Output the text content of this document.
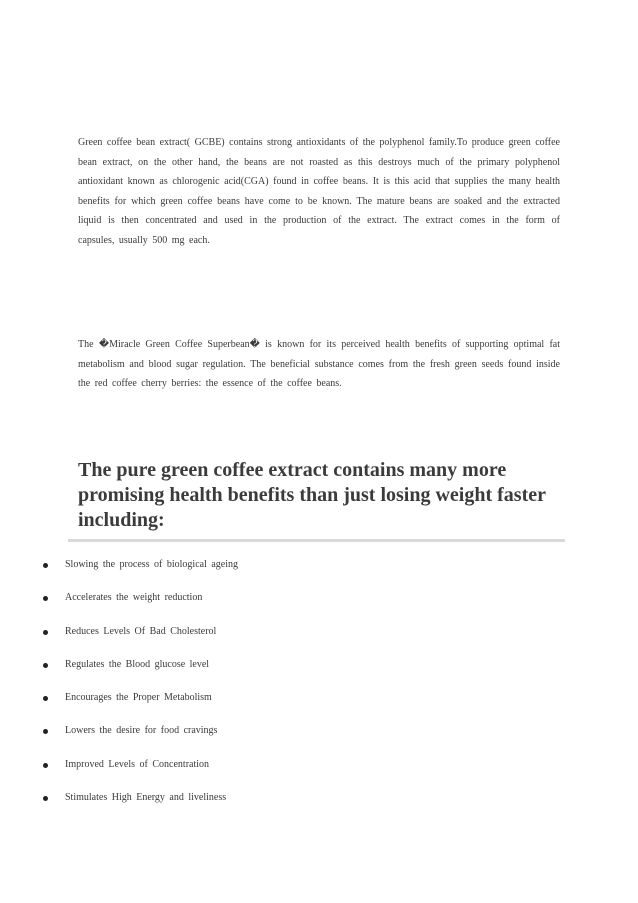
Green coffee bean extract( GCBE) contains strong antioxidants of the polyphenol family.To produce green coffee bean extract, on the other hand, the beans are not roasted as this destroys much of the primary polyphenol antioxidant known as chlorogenic acid(CGA) found in coffee beans. It is this acid that supplies the many health benefits for which green coffee beans have come to be known. The mature beans are soaked and the extracted liquid is then concentrated and used in the production of the extract. The extract comes in the form of capsules, usually 500 mg each.

The �Miracle Green Coffee Superbean� is known for its perceived health benefits of supporting optimal fat metabolism and blood sugar regulation. The beneficial substance comes from the fresh green seeds found inside the red coffee cherry berries: the essence of the coffee beans.

The pure green coffee extract contains many more promising health benefits than just losing weight faster including:
Slowing the process of biological ageing
Accelerates the weight reduction
Reduces Levels Of Bad Cholesterol
Regulates the Blood glucose level
Encourages the Proper Metabolism
Lowers the desire for food cravings
Improved Levels of Concentration
Stimulates High Energy and liveliness
